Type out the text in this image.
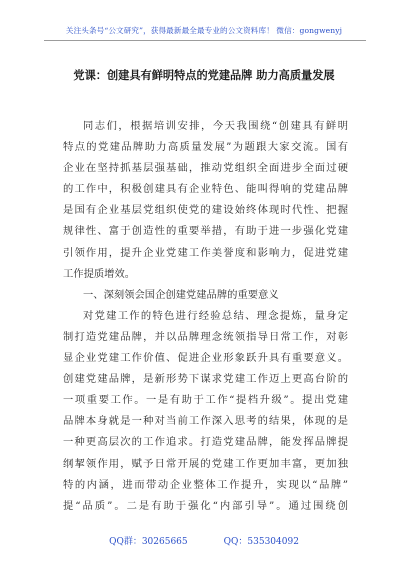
关注头条号“公文研究”，获得最新最全最专业的公文资料库！ 微信：gongwenyj
党课：创建具有鲜明特点的党建品牌 助力高质量发展

同志们，根据培训安排，今天我围绕“创建具有鲜明

特点的党建品牌助力高质量发展”为题跟大家交流。国有

企业在坚持抓基层强基础，推动党组织全面进步全面过硬

的工作中，积极创建具有企业特色、能叫得响的党建品牌

是国有企业基层党组织使党的建设始终体现时代性、把握

规律性、富于创造性的重要举措，有助于进一步强化党建

引领作用，提升企业党建工作美誉度和影响力，促进党建

工作提质增效。

一、深刻领会国企创建党建品牌的重要意义

对党建工作的特色进行经验总结、理念提炼，量身定

制打造党建品牌，并以品牌理念统领指导日常工作，对彰

显企业党建工作价值、促进企业形象跃升具有重要意义。

创建党建品牌，是新形势下谋求党建工作迈上更高台阶的

一项重要工作。一是有助于工作“提档升级”。提出党建

品牌本身就是一种对当前工作深入思考的结果，体现的是

一种更高层次的工作追求。打造党建品牌，能发挥品牌提

纲挈领作用，赋予日常开展的党建工作更加丰富，更加独

特的内涵，进而带动企业整体工作提升，实现以“品牌”

提“品质”。二是有助于强化“内部引导”。通过围绕创

QQ群：30265665	QQ：535304092
